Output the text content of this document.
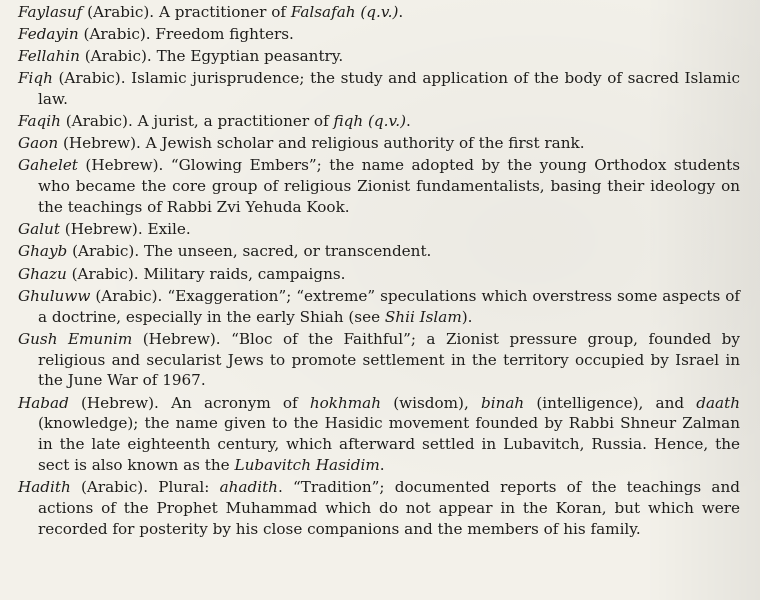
Faylasuf (Arabic). A practitioner of Falsafah (q.v.).
Fedayin (Arabic). Freedom fighters.
Fellahin (Arabic). The Egyptian peasantry.
Fiqh (Arabic). Islamic jurisprudence; the study and application of the body of sacred Islamic law.
Faqih (Arabic). A jurist, a practitioner of fiqh (q.v.).
Gaon (Hebrew). A Jewish scholar and religious authority of the first rank.
Gahelet (Hebrew). “Glowing Embers”; the name adopted by the young Orthodox students who became the core group of religious Zionist fundamentalists, basing their ideology on the teachings of Rabbi Zvi Yehuda Kook.
Galut (Hebrew). Exile.
Ghayb (Arabic). The unseen, sacred, or transcendent.
Ghazu (Arabic). Military raids, campaigns.
Ghuluww (Arabic). “Exaggeration”; “extreme” speculations which overstress some aspects of a doctrine, especially in the early Shiah (see Shii Islam).
Gush Emunim (Hebrew). “Bloc of the Faithful”; a Zionist pressure group, founded by religious and secularist Jews to promote settlement in the territory occupied by Israel in the June War of 1967.
Habad (Hebrew). An acronym of hokhmah (wisdom), binah (intelligence), and daath (knowledge); the name given to the Hasidic movement founded by Rabbi Shneur Zalman in the late eighteenth century, which afterward settled in Lubavitch, Russia. Hence, the sect is also known as the Lubavitch Hasidim.
Hadith (Arabic). Plural: ahadith. “Tradition”; documented reports of the teachings and actions of the Prophet Muhammad which do not appear in the Koran, but which were recorded for posterity by his close companions and the members of his family.
